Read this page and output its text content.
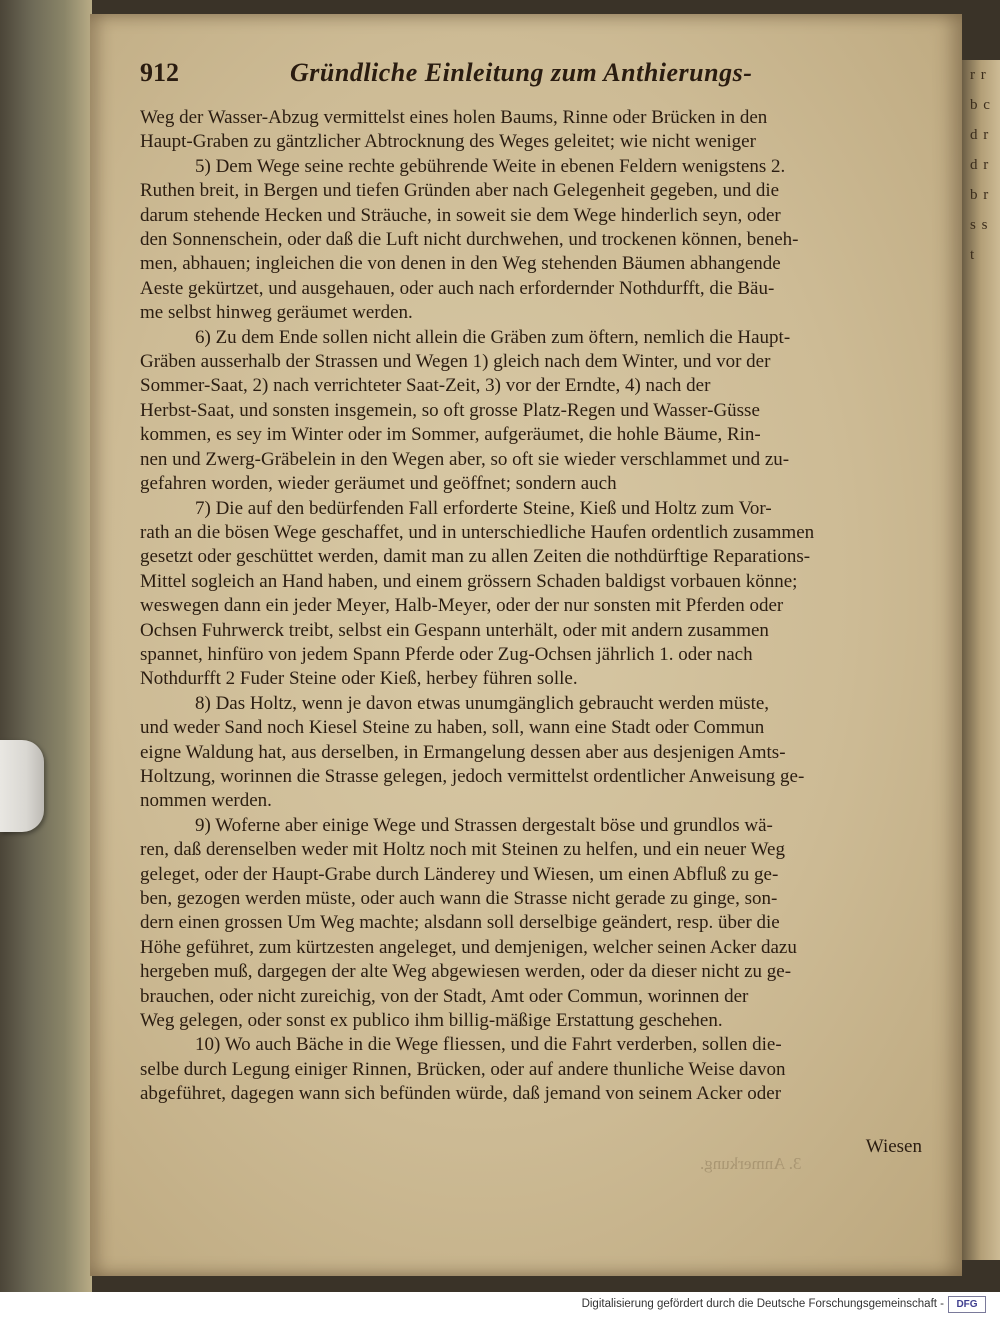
912	Gründliche Einleitung zum Anthierungs-

Weg der Wasser-Abzug vermittelst eines holen Baums, Rinne oder Brücken in den

Haupt-Graben zu gäntzlicher Abtrocknung des Weges geleitet; wie nicht weniger

5) Dem Wege seine rechte gebührende Weite in ebenen Feldern wenigstens 2.

Ruthen breit, in Bergen und tiefen Gründen aber nach Gelegenheit gegeben, und die

darum stehende Hecken und Sträuche, in soweit sie dem Wege hinderlich seyn, oder

den Sonnenschein, oder daß die Luft nicht durchwehen, und trockenen können, beneh-

men, abhauen; ingleichen die von denen in den Weg stehenden Bäumen abhangende

Aeste gekürtzet, und ausgehauen, oder auch nach erfordernder Nothdurfft, die Bäu-

me selbst hinweg geräumet werden.

6) Zu dem Ende sollen nicht allein die Gräben zum öftern, nemlich die Haupt-

Gräben ausserhalb der Strassen und Wegen 1) gleich nach dem Winter, und vor der

Sommer-Saat, 2) nach verrichteter Saat-Zeit, 3) vor der Erndte, 4) nach der

Herbst-Saat, und sonsten insgemein, so oft grosse Platz-Regen und Wasser-Güsse

kommen, es sey im Winter oder im Sommer, aufgeräumet, die hohle Bäume, Rin-

nen und Zwerg-Gräbelein in den Wegen aber, so oft sie wieder verschlammet und zu-

gefahren worden, wieder geräumet und geöffnet; sondern auch

7) Die auf den bedürfenden Fall erforderte Steine, Kieß und Holtz zum Vor-

rath an die bösen Wege geschaffet, und in unterschiedliche Haufen ordentlich zusammen

gesetzt oder geschüttet werden, damit man zu allen Zeiten die nothdürftige Reparations-

Mittel sogleich an Hand haben, und einem grössern Schaden baldigst vorbauen könne;

weswegen dann ein jeder Meyer, Halb-Meyer, oder der nur sonsten mit Pferden oder

Ochsen Fuhrwerck treibt, selbst ein Gespann unterhält, oder mit andern zusammen

spannet, hinfüro von jedem Spann Pferde oder Zug-Ochsen jährlich 1. oder nach

Nothdurfft 2 Fuder Steine oder Kieß, herbey führen solle.

8) Das Holtz, wenn je davon etwas unumgänglich gebraucht werden müste,

und weder Sand noch Kiesel Steine zu haben, soll, wann eine Stadt oder Commun

eigne Waldung hat, aus derselben, in Ermangelung dessen aber aus desjenigen Amts-

Holtzung, worinnen die Strasse gelegen, jedoch vermittelst ordentlicher Anweisung ge-

nommen werden.

9) Woferne aber einige Wege und Strassen dergestalt böse und grundlos wä-

ren, daß derenselben weder mit Holtz noch mit Steinen zu helfen, und ein neuer Weg

geleget, oder der Haupt-Grabe durch Länderey und Wiesen, um einen Abfluß zu ge-

ben, gezogen werden müste, oder auch wann die Strasse nicht gerade zu ginge, son-

dern einen grossen Um Weg machte; alsdann soll derselbige geändert, resp. über die

Höhe geführet, zum kürtzesten angeleget, und demjenigen, welcher seinen Acker dazu

hergeben muß, dargegen der alte Weg abgewiesen werden, oder da dieser nicht zu ge-

brauchen, oder nicht zureichig, von der Stadt, Amt oder Commun, worinnen der

Weg gelegen, oder sonst ex publico ihm billig-mäßige Erstattung geschehen.

10) Wo auch Bäche in die Wege fliessen, und die Fahrt verderben, sollen die-

selbe durch Legung einiger Rinnen, Brücken, oder auf andere thunliche Weise davon

abgeführet, dagegen wann sich befünden würde, daß jemand von seinem Acker oder

3. Anmerkung.
Wiesen
r r b c d r d r b r s s t
Digitalisierung gefördert durch die Deutsche Forschungsgemeinschaft -	DFG
